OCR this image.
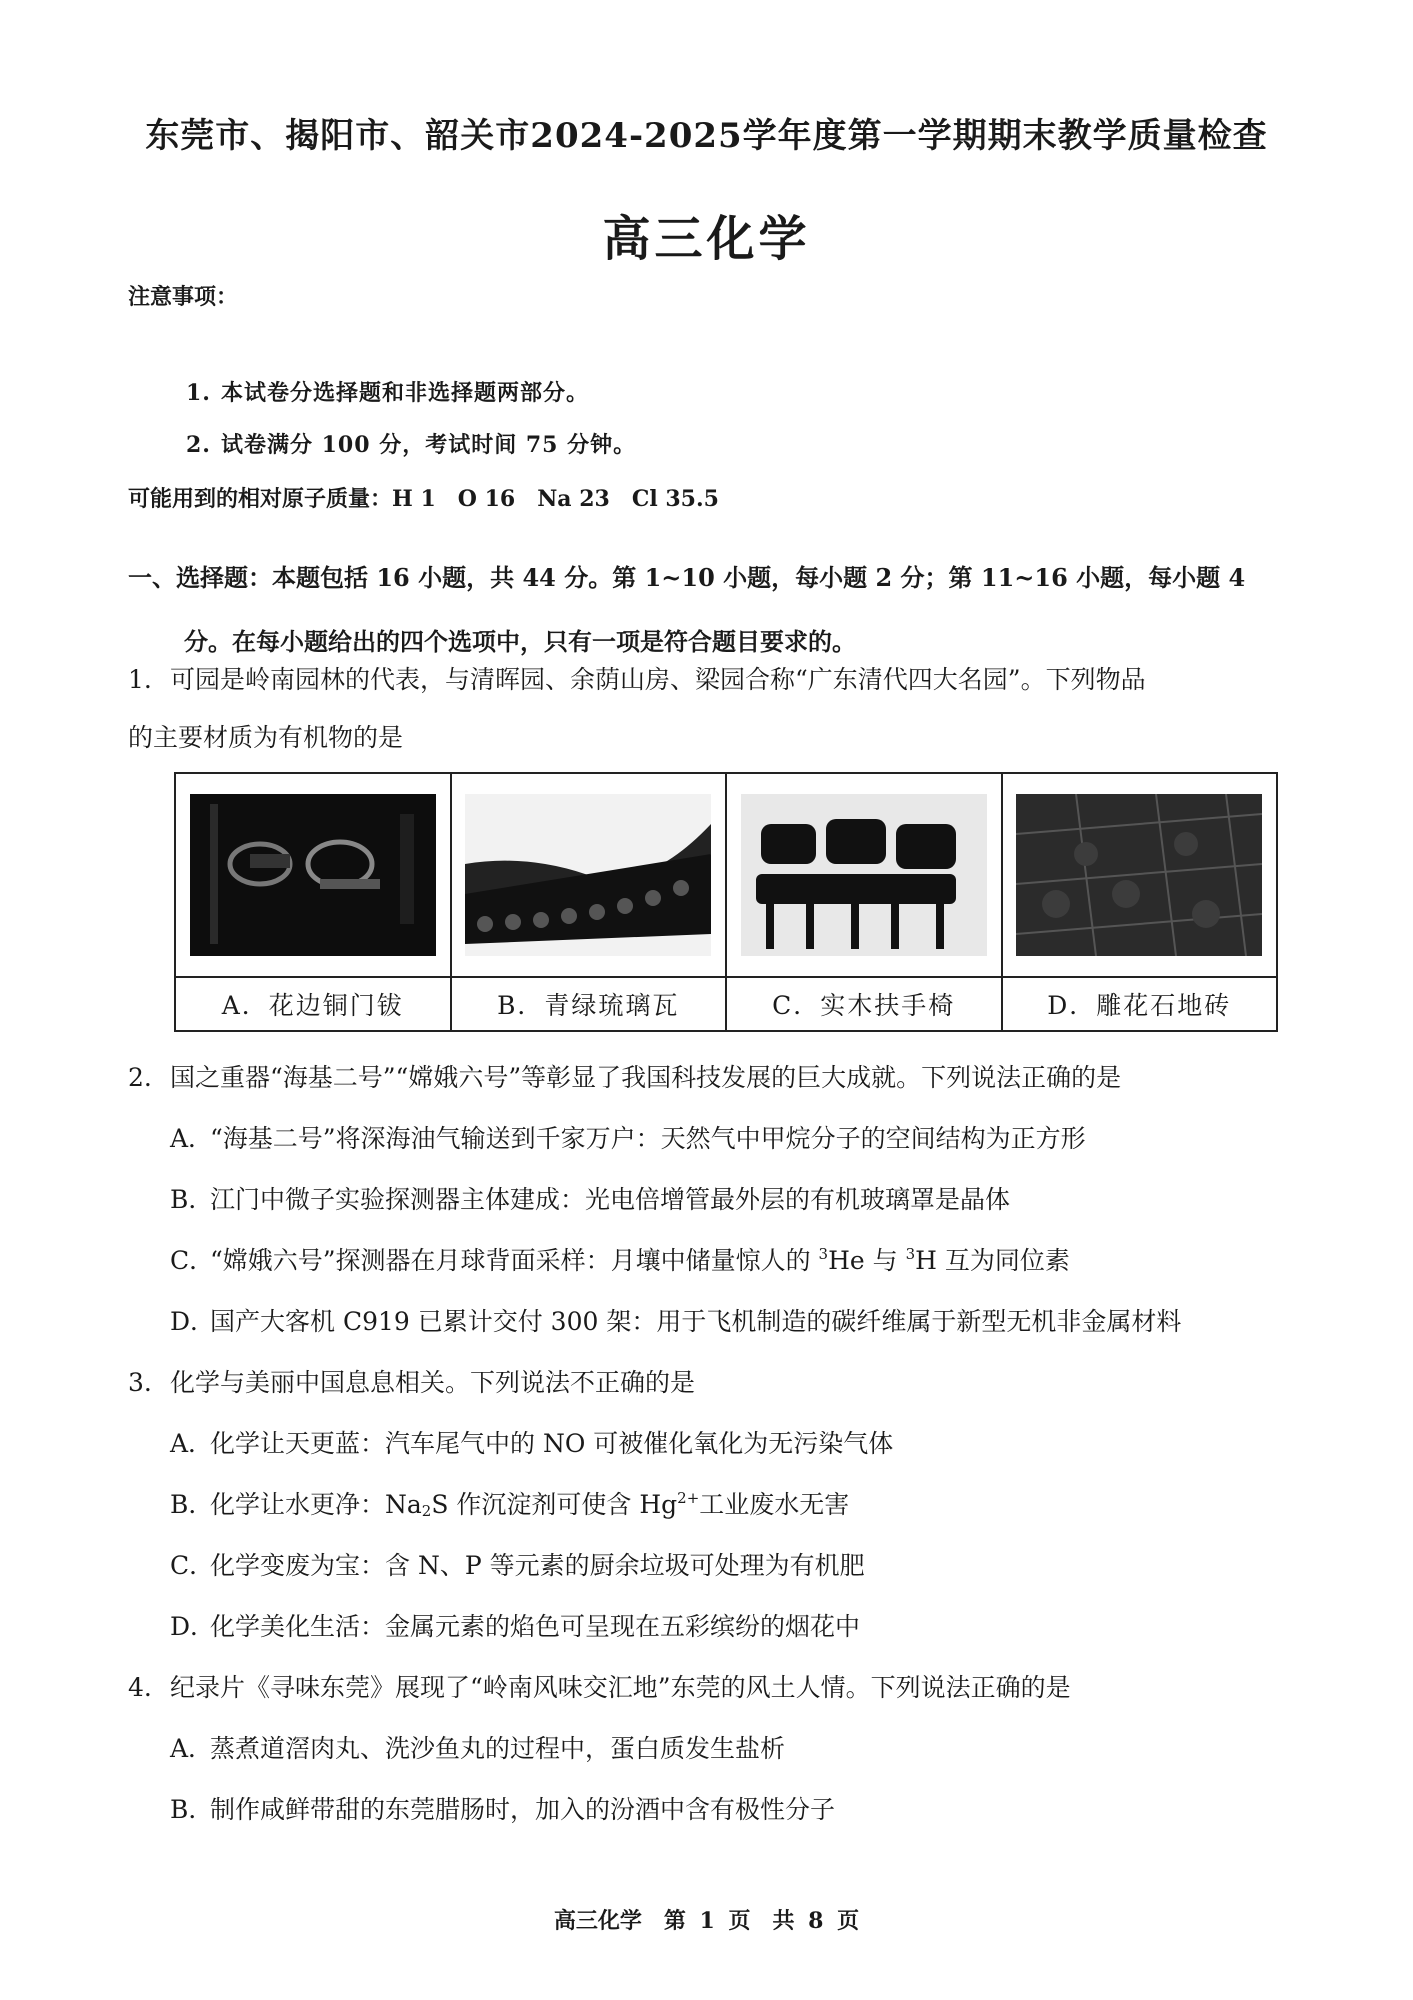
东莞市、揭阳市、韶关市2024-2025学年度第一学期期末教学质量检查
高三化学
注意事项：
1. 本试卷分选择题和非选择题两部分。
2. 试卷满分 100 分，考试时间 75 分钟。
可能用到的相对原子质量：H 1　O 16　Na 23　Cl 35.5
一、选择题：本题包括 16 小题，共 44 分。第 1~10 小题，每小题 2 分；第 11~16 小题，每小题 4
分。在每小题给出的四个选项中，只有一项是符合题目要求的。
1. 可园是岭南园林的代表，与清晖园、余荫山房、梁园合称“广东清代四大名园”。下列物品
的主要材质为有机物的是

A．花边铜门钹	B．青绿琉璃瓦	C．实木扶手椅	D．雕花石地砖
2. 国之重器“海基二号”“嫦娥六号”等彰显了我国科技发展的巨大成就。下列说法正确的是
A．“海基二号”将深海油气输送到千家万户：天然气中甲烷分子的空间结构为正方形
B．江门中微子实验探测器主体建成：光电倍增管最外层的有机玻璃罩是晶体
C．“嫦娥六号”探测器在月球背面采样：月壤中储量惊人的 $^3$He 与 $^3$H 互为同位素
D．国产大客机 C919 已累计交付 300 架：用于飞机制造的碳纤维属于新型无机非金属材料
3. 化学与美丽中国息息相关。下列说法不正确的是
A．化学让天更蓝：汽车尾气中的 NO 可被催化氧化为无污染气体
B．化学让水更净：$Na_2S$ 作沉淀剂可使含 $Hg^{2+}$工业废水无害
C．化学变废为宝：含 N、P 等元素的厨余垃圾可处理为有机肥
D．化学美化生活：金属元素的焰色可呈现在五彩缤纷的烟花中
4. 纪录片《寻味东莞》展现了“岭南风味交汇地”东莞的风土人情。下列说法正确的是
A．蒸煮道滘肉丸、洗沙鱼丸的过程中，蛋白质发生盐析
B．制作咸鲜带甜的东莞腊肠时，加入的汾酒中含有极性分子
高三化学　第 1 页　共 8 页
